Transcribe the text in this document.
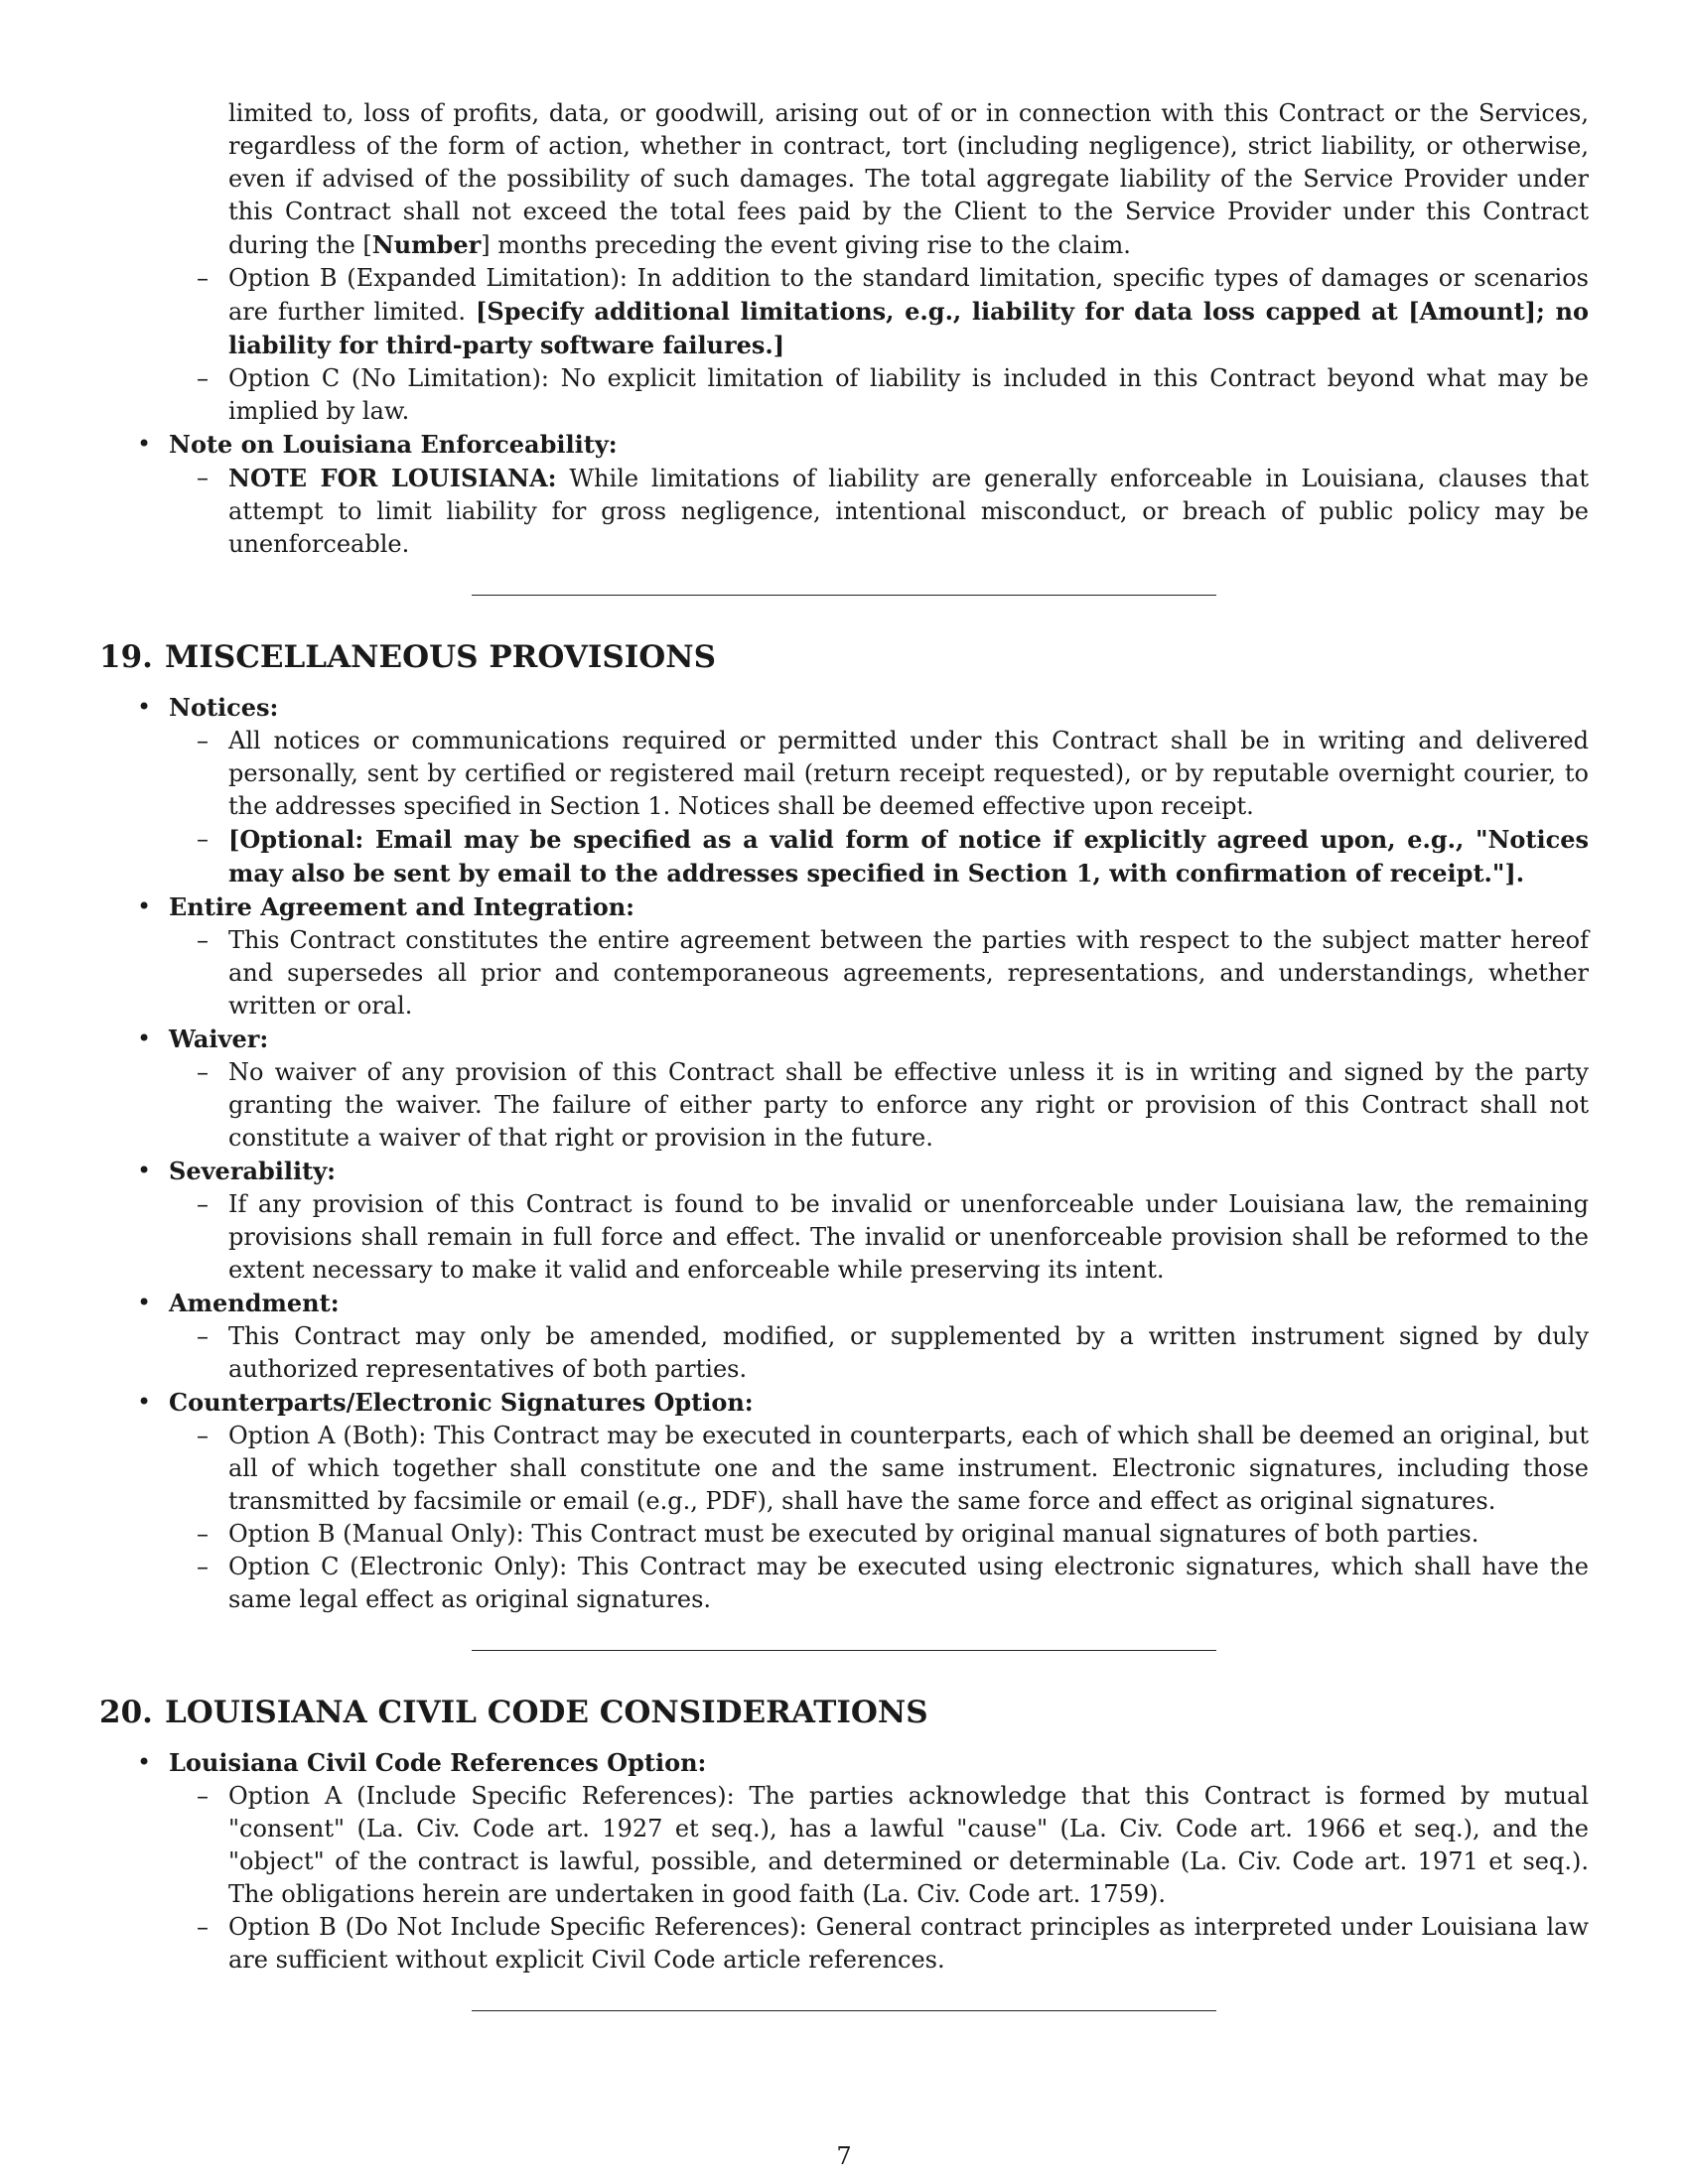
limited to, loss of profits, data, or goodwill, arising out of or in connection with this Contract or the Services, regardless of the form of action, whether in contract, tort (including negligence), strict liability, or otherwise, even if advised of the possibility of such damages. The total aggregate liability of the Service Provider under this Contract shall not exceed the total fees paid by the Client to the Service Provider under this Contract during the [Number] months preceding the event giving rise to the claim.
– Option B (Expanded Limitation): In addition to the standard limitation, specific types of damages or scenarios are further limited. [Specify additional limitations, e.g., liability for data loss capped at [Amount]; no liability for third-party software failures.]
– Option C (No Limitation): No explicit limitation of liability is included in this Contract beyond what may be implied by law.
• Note on Louisiana Enforceability:
– NOTE FOR LOUISIANA: While limitations of liability are generally enforceable in Louisiana, clauses that attempt to limit liability for gross negligence, intentional misconduct, or breach of public policy may be unenforceable.
19. MISCELLANEOUS PROVISIONS
• Notices:
– All notices or communications required or permitted under this Contract shall be in writing and delivered personally, sent by certified or registered mail (return receipt requested), or by reputable overnight courier, to the addresses specified in Section 1. Notices shall be deemed effective upon receipt.
– [Optional: Email may be specified as a valid form of notice if explicitly agreed upon, e.g., "Notices may also be sent by email to the addresses specified in Section 1, with confirmation of receipt."].
• Entire Agreement and Integration:
– This Contract constitutes the entire agreement between the parties with respect to the subject matter hereof and supersedes all prior and contemporaneous agreements, representations, and understandings, whether written or oral.
• Waiver:
– No waiver of any provision of this Contract shall be effective unless it is in writing and signed by the party granting the waiver. The failure of either party to enforce any right or provision of this Contract shall not constitute a waiver of that right or provision in the future.
• Severability:
– If any provision of this Contract is found to be invalid or unenforceable under Louisiana law, the remaining provisions shall remain in full force and effect. The invalid or unenforceable provision shall be reformed to the extent necessary to make it valid and enforceable while preserving its intent.
• Amendment:
– This Contract may only be amended, modified, or supplemented by a written instrument signed by duly authorized representatives of both parties.
• Counterparts/Electronic Signatures Option:
– Option A (Both): This Contract may be executed in counterparts, each of which shall be deemed an original, but all of which together shall constitute one and the same instrument. Electronic signatures, including those transmitted by facsimile or email (e.g., PDF), shall have the same force and effect as original signatures.
– Option B (Manual Only): This Contract must be executed by original manual signatures of both parties.
– Option C (Electronic Only): This Contract may be executed using electronic signatures, which shall have the same legal effect as original signatures.
20. LOUISIANA CIVIL CODE CONSIDERATIONS
• Louisiana Civil Code References Option:
– Option A (Include Specific References): The parties acknowledge that this Contract is formed by mutual "consent" (La. Civ. Code art. 1927 et seq.), has a lawful "cause" (La. Civ. Code art. 1966 et seq.), and the "object" of the contract is lawful, possible, and determined or determinable (La. Civ. Code art. 1971 et seq.). The obligations herein are undertaken in good faith (La. Civ. Code art. 1759).
– Option B (Do Not Include Specific References): General contract principles as interpreted under Louisiana law are sufficient without explicit Civil Code article references.
7
